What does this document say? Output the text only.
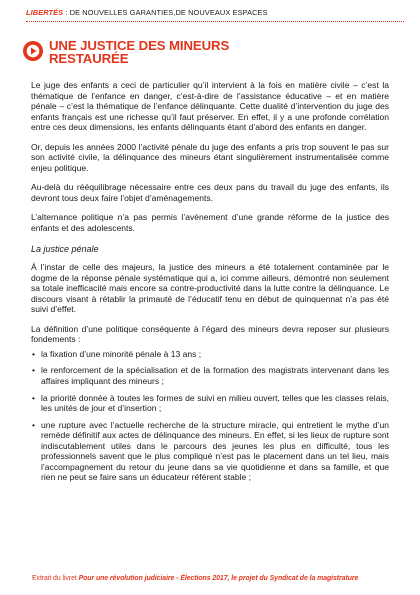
LIBERTÉS : DE NOUVELLES GARANTIES,DE NOUVEAUX ESPACES
UNE JUSTICE DES MINEURS
RESTAURÉE

Le juge des enfants a ceci de particulier qu’il intervient à la fois en matière civile – c’est la thématique de l’enfance en danger, c’est-à-dire de l’assistance éducative – et en matière pénale – c’est la thématique de l’enfance délinquante. Cette dualité d’intervention du juge des enfants français est une richesse qu’il faut préserver. En effet, il y a une profonde corrélation entre ces deux dimensions, les enfants délinquants étant d’abord des enfants en danger.

Or, depuis les années 2000 l’activité pénale du juge des enfants a pris trop souvent le pas sur son activité civile, la délinquance des mineurs étant singulièrement instrumentalisée comme enjeu politique.

Au-delà du rééquilibrage nécessaire entre ces deux pans du travail du juge des enfants, ils devront tous deux faire l’objet d’aménagements.

L’alternance politique n’a pas permis l’avènement d’une grande réforme de la justice des enfants et des adolescents.

La justice pénale

À l’instar de celle des majeurs, la justice des mineurs a été totalement contaminée par le dogme de la réponse pénale systématique qui a, ici comme ailleurs, démontré non seulement sa totale inefficacité mais encore sa contre-productivité dans la lutte contre la délinquance. Le discours visant à rétablir la primauté de l’éducatif tenu en début de quinquennat n’a pas été suivi d’effet.

La définition d’une politique conséquente à l’égard des mineurs devra reposer sur plusieurs fondements :

• la fixation d’une minorité pénale à 13 ans ;
• le renforcement de la spécialisation et de la formation des magistrats intervenant dans les affaires impliquant des mineurs ;
• la priorité donnée à toutes les formes de suivi en milieu ouvert, telles que les classes relais, les unités de jour et d’insertion ;
• une rupture avec l’actuelle recherche de la structure miracle, qui entretient le mythe d’un remède définitif aux actes de délinquance des mineurs. En effet, si les lieux de rupture sont indiscutablement utiles dans le parcours des jeunes les plus en difficulté, tous les professionnels savent que le plus compliqué n’est pas le placement dans un tel lieu, mais l’accompagnement du retour du jeune dans sa vie quotidienne et dans sa famille, et que rien ne peut se faire sans un éducateur référent stable ;
Extrait du livret Pour une révolution judiciaire - Élections 2017, le projet du Syndicat de la magistrature
